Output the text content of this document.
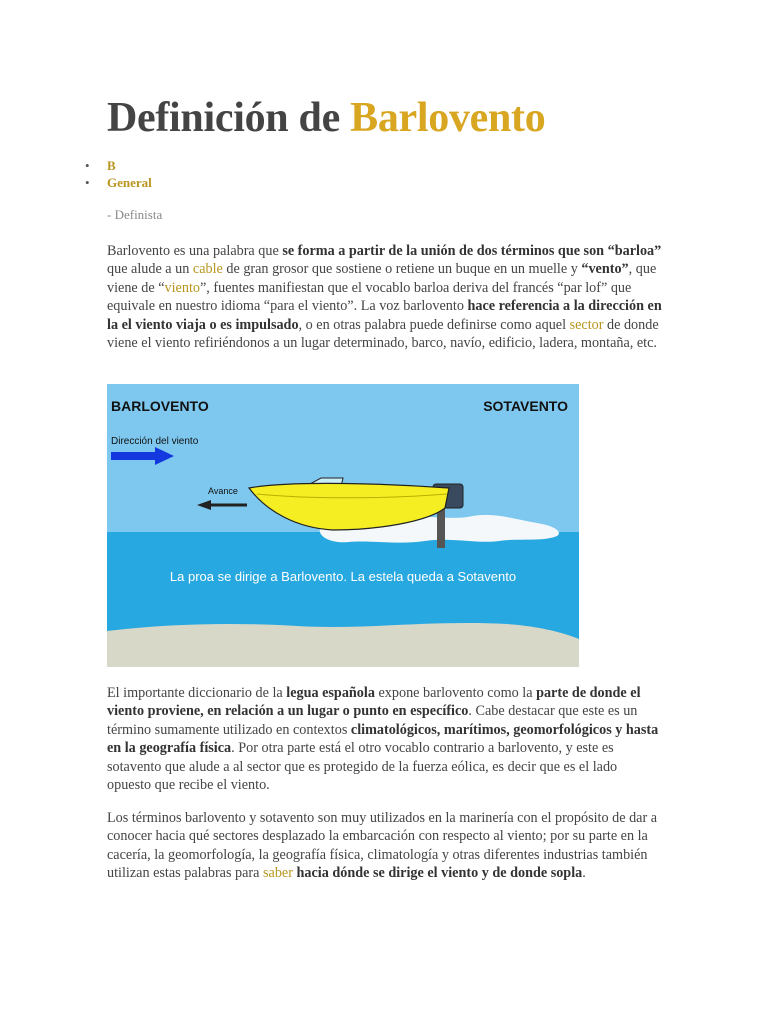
Definición de Barlovento
• B
• General
- Definista

Barlovento es una palabra que se forma a partir de la unión de dos términos que son “barloa” que alude a un cable de gran grosor que sostiene o retiene un buque en un muelle y “vento”, que viene de “viento”, fuentes manifiestan que el vocablo barloa deriva del francés “par lof” que equivale en nuestro idioma “para el viento”. La voz barlovento hace referencia a la dirección en la el viento viaja o es impulsado, o en otras palabra puede definirse como aquel sector de donde viene el viento refiriéndonos a un lugar determinado, barco, navío, edificio, ladera, montaña, etc.

BARLOVENTO	SOTAVENTO
Dirección del viento
Avance
La proa se dirige a Barlovento. La estela queda a Sotavento

El importante diccionario de la legua española expone barlovento como la parte de donde el viento proviene, en relación a un lugar o punto en específico. Cabe destacar que este es un término sumamente utilizado en contextos climatológicos, marítimos, geomorfológicos y hasta en la geografía física. Por otra parte está el otro vocablo contrario a barlovento, y este es sotavento que alude a al sector que es protegido de la fuerza eólica, es decir que es el lado opuesto que recibe el viento.

Los términos barlovento y sotavento son muy utilizados en la marinería con el propósito de dar a conocer hacia qué sectores desplazado la embarcación con respecto al viento; por su parte en la cacería, la geomorfología, la geografía física, climatología y otras diferentes industrias también utilizan estas palabras para saber hacia dónde se dirige el viento y de donde sopla.
